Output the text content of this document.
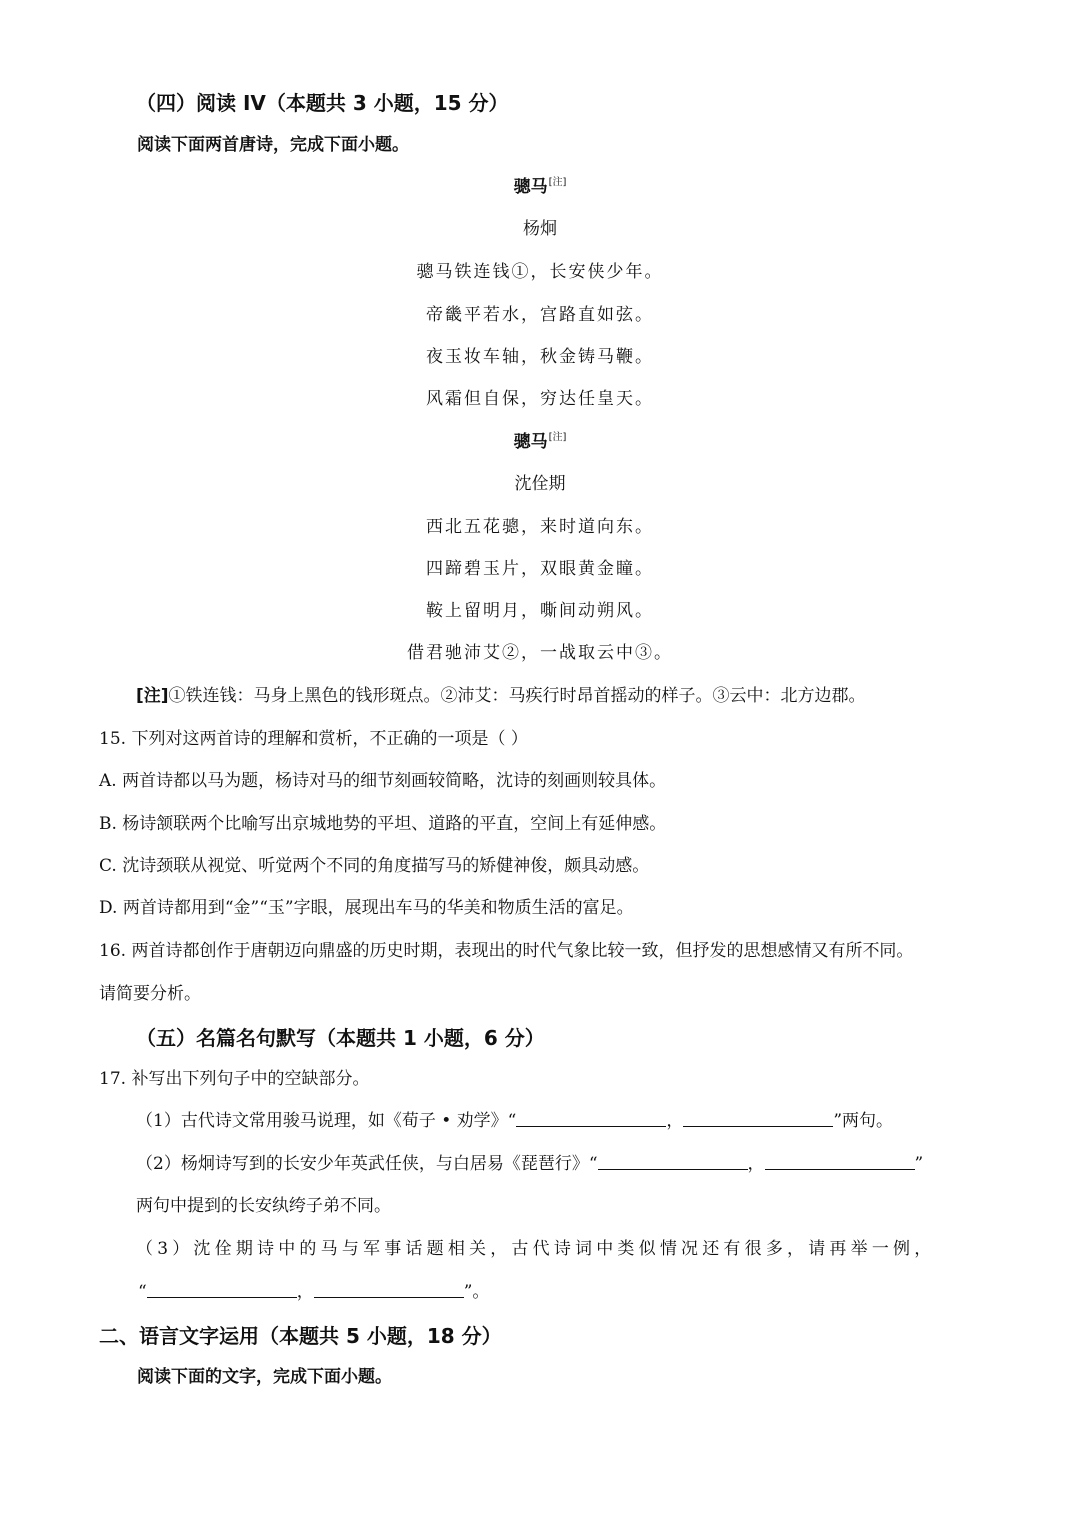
（四）阅读 IV（本题共 3 小题，15 分）
阅读下面两首唐诗，完成下面小题。
骢马[注]
杨炯
骢马铁连钱①，长安侠少年。
帝畿平若水，宫路直如弦。
夜玉妆车轴，秋金铸马鞭。
风霜但自保，穷达任皇天。
骢马[注]
沈佺期
西北五花骢，来时道向东。
四蹄碧玉片，双眼黄金瞳。
鞍上留明月，嘶间动朔风。
借君驰沛艾②，一战取云中③。
[注]①铁连钱：马身上黑色的钱形斑点。②沛艾：马疾行时昂首摇动的样子。③云中：北方边郡。
15. 下列对这两首诗的理解和赏析，不正确的一项是（ ）
A. 两首诗都以马为题，杨诗对马的细节刻画较简略，沈诗的刻画则较具体。
B. 杨诗颔联两个比喻写出京城地势的平坦、道路的平直，空间上有延伸感。
C. 沈诗颈联从视觉、听觉两个不同的角度描写马的矫健神俊，颇具动感。
D. 两首诗都用到“金”“玉”字眼，展现出车马的华美和物质生活的富足。
16. 两首诗都创作于唐朝迈向鼎盛的历史时期，表现出的时代气象比较一致，但抒发的思想感情又有所不同。
请简要分析。
（五）名篇名句默写（本题共 1 小题，6 分）
17. 补写出下列句子中的空缺部分。
（1）古代诗文常用骏马说理，如《荀子 • 劝学》“	，	”两句。
（2）杨炯诗写到的长安少年英武任侠，与白居易《琵琶行》“	，	”
两句中提到的长安纨绔子弟不同。
（3）沈佺期诗中的马与军事话题相关，古代诗词中类似情况还有很多，请再举一例，
“	，	”。
二、语言文字运用（本题共 5 小题，18 分）
阅读下面的文字，完成下面小题。
